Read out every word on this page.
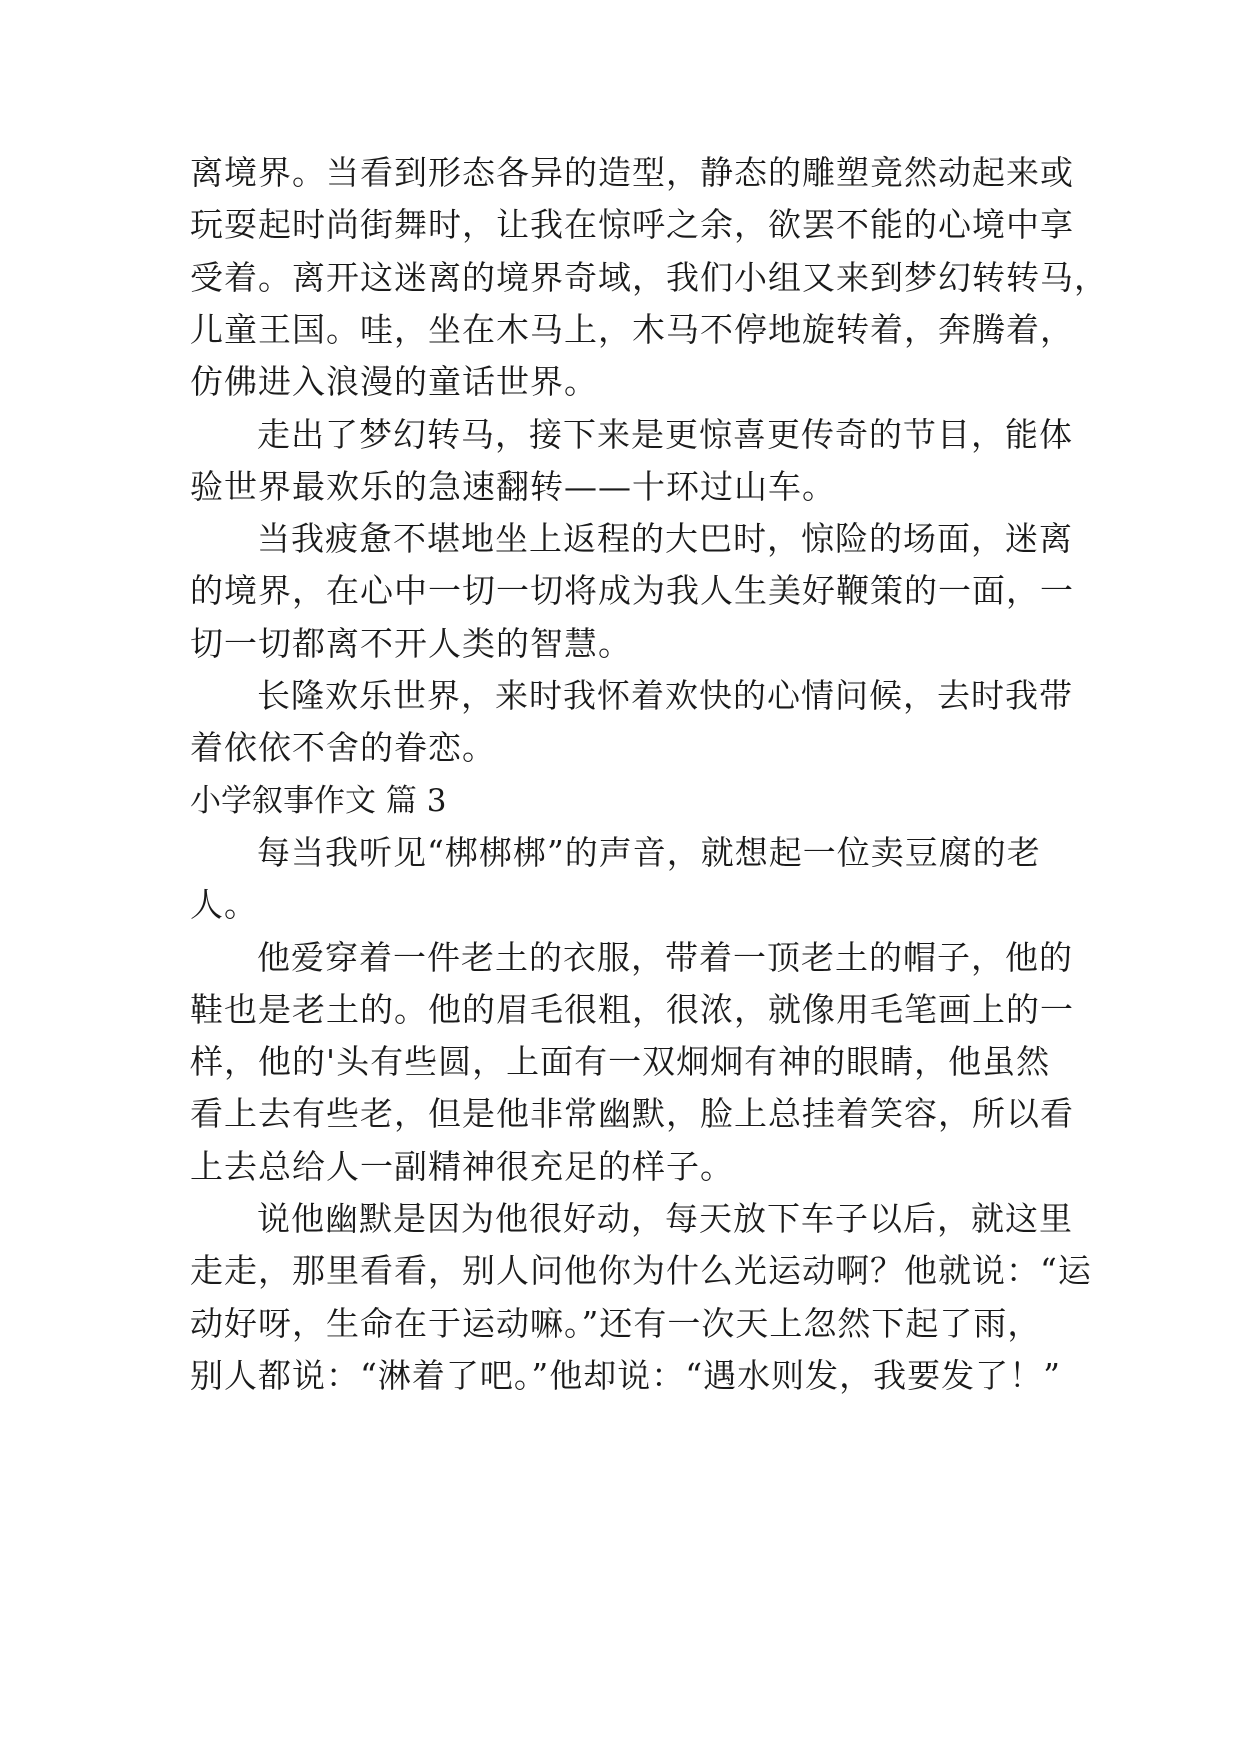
离境界。当看到形态各异的造型，静态的雕塑竟然动起来或
玩耍起时尚街舞时，让我在惊呼之余，欲罢不能的心境中享
受着。离开这迷离的境界奇域，我们小组又来到梦幻转转马，
儿童王国。哇，坐在木马上，木马不停地旋转着，奔腾着，
仿佛进入浪漫的童话世界。
走出了梦幻转马，接下来是更惊喜更传奇的节目，能体
验世界最欢乐的急速翻转——十环过山车。
当我疲惫不堪地坐上返程的大巴时，惊险的场面，迷离
的境界，在心中一切一切将成为我人生美好鞭策的一面，一
切一切都离不开人类的智慧。
长隆欢乐世界，来时我怀着欢快的心情问候，去时我带
着依依不舍的眷恋。
小学叙事作文 篇 3
每当我听见“梆梆梆”的声音，就想起一位卖豆腐的老
人。
他爱穿着一件老土的衣服，带着一顶老土的帽子，他的
鞋也是老土的。他的眉毛很粗，很浓，就像用毛笔画上的一
样，他的'头有些圆，上面有一双炯炯有神的眼睛，他虽然
看上去有些老，但是他非常幽默，脸上总挂着笑容，所以看
上去总给人一副精神很充足的样子。
说他幽默是因为他很好动，每天放下车子以后，就这里
走走，那里看看，别人问他你为什么光运动啊？他就说：“运
动好呀，生命在于运动嘛。”还有一次天上忽然下起了雨，
别人都说：“淋着了吧。”他却说：“遇水则发，我要发了！”
